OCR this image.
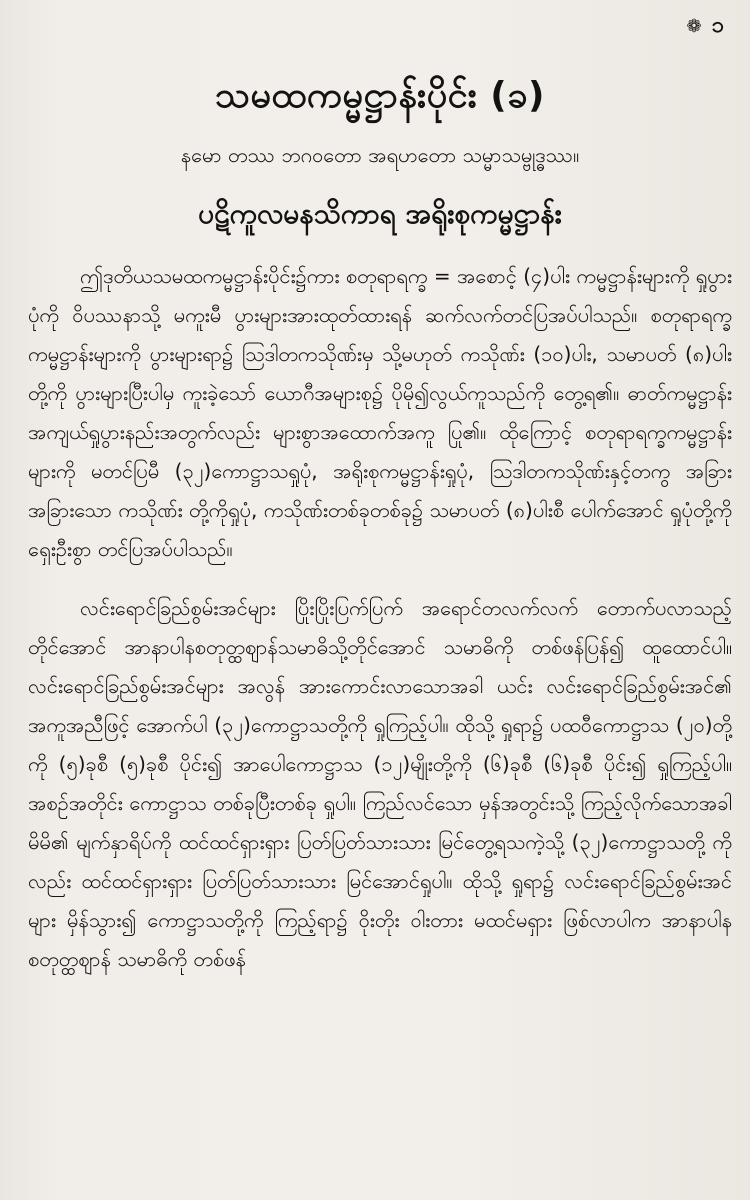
❁ ၁
သမထကမ္မဋ္ဌာန်းပိုင်း (ခ)
နမော တဿ ဘဂဝတော အရဟတော သမ္မာသမ္ဗုဒ္ဓဿ။
ပဋိကူလမနသိကာရ အရိုးစုကမ္မဋ္ဌာန်း

ဤဒုတိယသမထကမ္မဋ္ဌာန်းပိုင်း၌ကား စတုရာရက္ခ = အစောင့် (၄)ပါး ကမ္မဋ္ဌာန်းများကို ရှုပွားပုံကို ဝိပဿနာသို့ မကူးမီ ပွားများအားထုတ်ထားရန် ဆက်လက်တင်ပြအပ်ပါသည်။ စတုရာရက္ခကမ္မဋ္ဌာန်းများကို ပွားများရာ၌ ဩဒါတကသိုဏ်းမှ သို့မဟုတ် ကသိုဏ်း (၁၀)ပါး, သမာပတ် (၈)ပါးတို့ကို ပွားများပြီးပါမှ ကူးခဲ့သော် ယောဂီအများစု၌ ပိုမို၍လွယ်ကူသည်ကို တွေ့ရ၏။ ဓာတ်ကမ္မဋ္ဌာန်း အကျယ်ရှုပွားနည်းအတွက်လည်း များစွာအထောက်အကူ ပြု၏။ ထိုကြောင့် စတုရာရက္ခကမ္မဋ္ဌာန်းများကို မတင်ပြမီ (၃၂)ကောဋ္ဌာသရှုပုံ, အရိုးစုကမ္မဋ္ဌာန်းရှုပုံ, ဩဒါတကသိုဏ်းနှင့်တကွ အခြားအခြားသော ကသိုဏ်း တို့ကိုရှုပုံ, ကသိုဏ်းတစ်ခုတစ်ခု၌ သမာပတ် (၈)ပါးစီ ပေါက်အောင် ရှုပုံတို့ကို ရှေးဦးစွာ တင်ပြအပ်ပါသည်။

လင်းရောင်ခြည်စွမ်းအင်များ ပြိုးပြိုးပြက်ပြက် အရောင်တလက်လက် တောက်ပလာသည့်တိုင်အောင် အာနာပါနစတုတ္ထဈာန်သမာဓိသို့တိုင်အောင် သမာဓိကို တစ်ဖန်ပြန်၍ ထူထောင်ပါ။ လင်းရောင်ခြည်စွမ်းအင်များ အလွန် အားကောင်းလာသောအခါ ယင်း လင်းရောင်ခြည်စွမ်းအင်၏ အကူအညီဖြင့် အောက်ပါ (၃၂)ကောဋ္ဌာသတို့ကို ရှုကြည့်ပါ။ ထိုသို့ ရှုရာ၌ ပထဝီကောဋ္ဌာသ (၂၀)တို့ကို (၅)ခုစီ (၅)ခုစီ ပိုင်း၍ အာပေါကောဋ္ဌာသ (၁၂)မျိုးတို့ကို (၆)ခုစီ (၆)ခုစီ ပိုင်း၍ ရှုကြည့်ပါ။ အစဉ်အတိုင်း ကောဋ္ဌာသ တစ်ခုပြီးတစ်ခု ရှုပါ။ ကြည်လင်သော မှန်အတွင်းသို့ ကြည့်လိုက်သောအခါ မိမိ၏ မျက်နှာရိပ်ကို ထင်ထင်ရှားရှား ပြတ်ပြတ်သားသား မြင်တွေ့ရသကဲ့သို့ (၃၂)ကောဋ္ဌာသတို့ ကိုလည်း ထင်ထင်ရှားရှား ပြတ်ပြတ်သားသား မြင်အောင်ရှုပါ။ ထိုသို့ ရှုရာ၌ လင်းရောင်ခြည်စွမ်းအင်များ မှိန်သွား၍ ကောဋ္ဌာသတို့ကို ကြည့်ရာ၌ ဝိုးတိုး ဝါးတား မထင်မရှား ဖြစ်လာပါက အာနာပါနစတုတ္ထဈာန် သမာဓိကို တစ်ဖန်
